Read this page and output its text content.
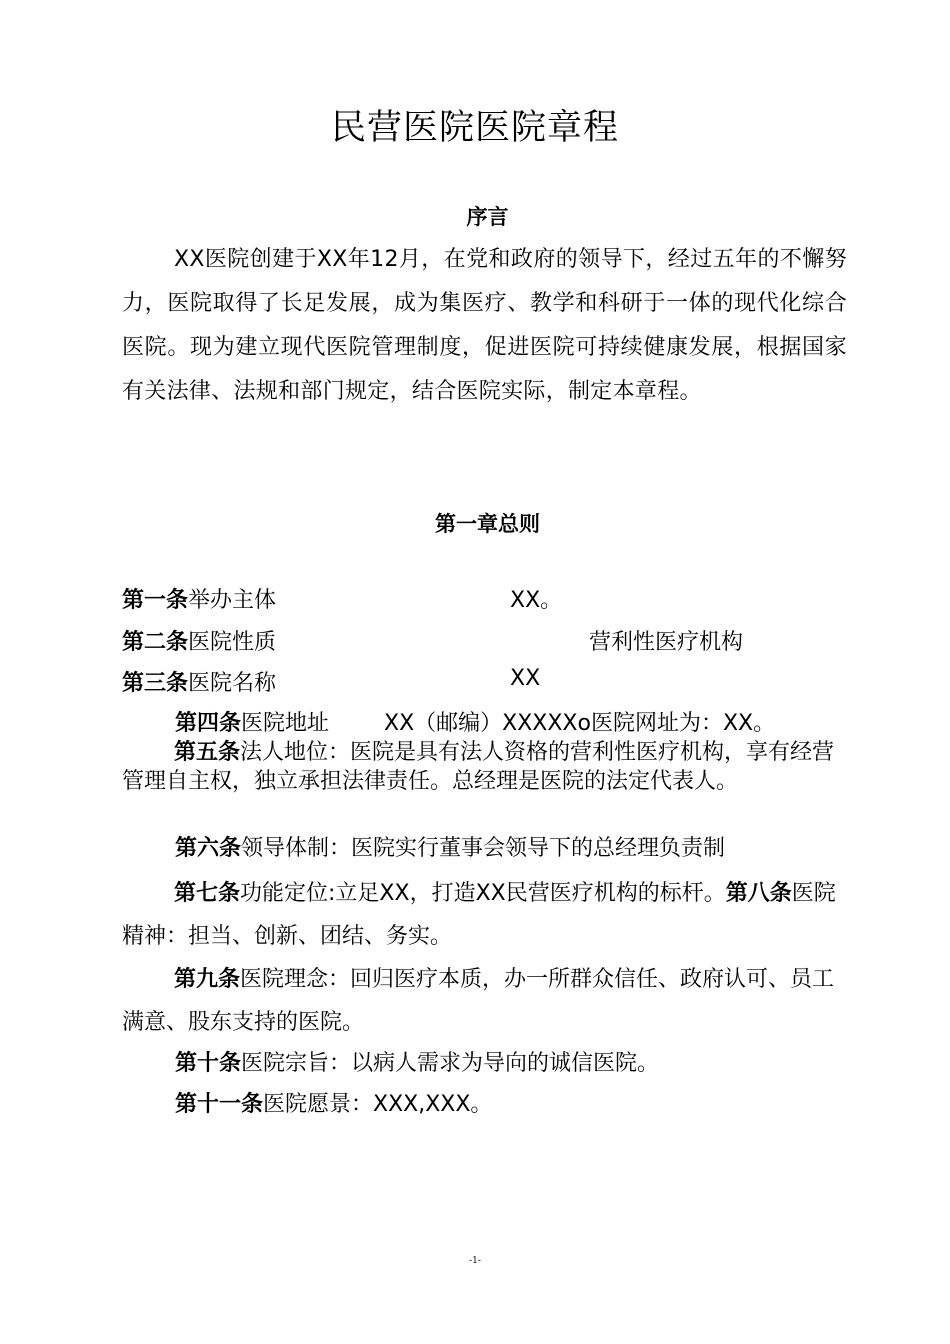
民营医院医院章程
序言
XX医院创建于XX年12月，在党和政府的领导下，经过五年的不懈努力，医院取得了长足发展，成为集医疗、教学和科研于一体的现代化综合医院。现为建立现代医院管理制度，促进医院可持续健康发展，根据国家有关法律、法规和部门规定，结合医院实际，制定本章程。
第一章总则
第一条举办主体	XX。
第二条医院性质	营利性医疗机构
第三条医院名称	XX
第四条医院地址 XX（邮编）XXXXXo医院网址为：XX。
第五条法人地位：医院是具有法人资格的营利性医疗机构，享有经营管理自主权，独立承担法律责任。总经理是医院的法定代表人。
第六条领导体制：医院实行董事会领导下的总经理负责制
第七条功能定位:立足XX，打造XX民营医疗机构的标杆。第八条医院精神：担当、创新、团结、务实。
第九条医院理念：回归医疗本质，办一所群众信任、政府认可、员工满意、股东支持的医院。
第十条医院宗旨：以病人需求为导向的诚信医院。
第十一条医院愿景：XXX,XXX。
-1-
